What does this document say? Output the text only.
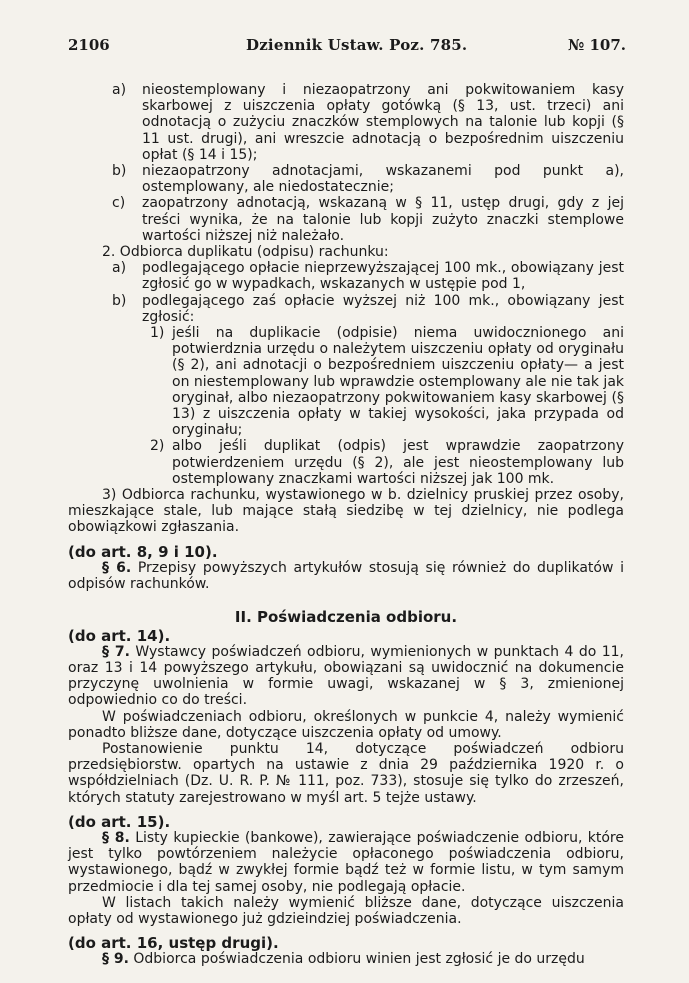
2106	Dziennik Ustaw. Poz. 785.	№ 107.
a) nieostemplowany i niezaopatrzony ani pokwitowaniem kasy skarbowej z uiszczenia opłaty gotówką (§ 13, ust. trzeci) ani odnotacją o zużyciu znaczków stemplowych na talonie lub kopji (§ 11 ust. drugi), ani wreszcie adnotacją o bezpośrednim uiszczeniu opłat (§ 14 i 15);
b) niezaopatrzony adnotacjami, wskazanemi pod punkt a), ostemplowany, ale niedostatecznie;
c) zaopatrzony adnotacją, wskazaną w § 11, ustęp drugi, gdy z jej treści wynika, że na talonie lub kopji zużyto znaczki stemplowe wartości niższej niż należało.
2. Odbiorca duplikatu (odpisu) rachunku:
a) podlegającego opłacie nieprzewyższającej 100 mk., obowiązany jest zgłosić go w wypadkach, wskazanych w ustępie pod 1,
b) podlegającego zaś opłacie wyższej niż 100 mk., obowiązany jest zgłosić:
1) jeśli na duplikacie (odpisie) niema uwidocznionego ani potwierdznia urzędu o należytem uiszczeniu opłaty od oryginału (§ 2), ani adnotacji o bezpośredniem uiszczeniu opłaty— a jest on niestemplowany lub wprawdzie ostemplowany ale nie tak jak oryginał, albo niezaopatrzony pokwitowaniem kasy skarbowej (§ 13) z uiszczenia opłaty w takiej wysokości, jaka przypada od oryginału;
2) albo jeśli duplikat (odpis) jest wprawdzie zaopatrzony potwierdzeniem urzędu (§ 2), ale jest nieostemplowany lub ostemplowany znaczkami wartości niższej jak 100 mk.
3) Odbiorca rachunku, wystawionego w b. dzielnicy pruskiej przez osoby, mieszkające stale, lub mające stałą siedzibę w tej dzielnicy, nie podlega obowiązkowi zgłaszania.
(do art. 8, 9 i 10).
§ 6. Przepisy powyższych artykułów stosują się również do duplikatów i odpisów rachunków.
II. Poświadczenia odbioru.
(do art. 14).
§ 7. Wystawcy poświadczeń odbioru, wymienionych w punktach 4 do 11, oraz 13 i 14 powyższego artykułu, obowiązani są uwidocznić na dokumencie przyczynę uwolnienia w formie uwagi, wskazanej w § 3, zmienionej odpowiednio co do treści.
W poświadczeniach odbioru, określonych w punkcie 4, należy wymienić ponadto bliższe dane, dotyczące uiszczenia opłaty od umowy.
Postanowienie punktu 14, dotyczące poświadczeń odbioru przedsiębiorstw. opartych na ustawie z dnia 29 października 1920 r. o współdzielniach (Dz. U. R. P. № 111, poz. 733), stosuje się tylko do zrzeszeń, których statuty zarejestrowano w myśl art. 5 tejże ustawy.
(do art. 15).
§ 8. Listy kupieckie (bankowe), zawierające poświadczenie odbioru, które jest tylko powtórzeniem należycie opłaconego poświadczenia odbioru, wystawionego, bądź w zwykłej formie bądź też w formie listu, w tym samym przedmiocie i dla tej samej osoby, nie podlegają opłacie.
W listach takich należy wymienić bliższe dane, dotyczące uiszczenia opłaty od wystawionego już gdzieindziej poświadczenia.
(do art. 16, ustęp drugi).
§ 9. Odbiorca poświadczenia odbioru winien jest zgłosić je do urzędu
